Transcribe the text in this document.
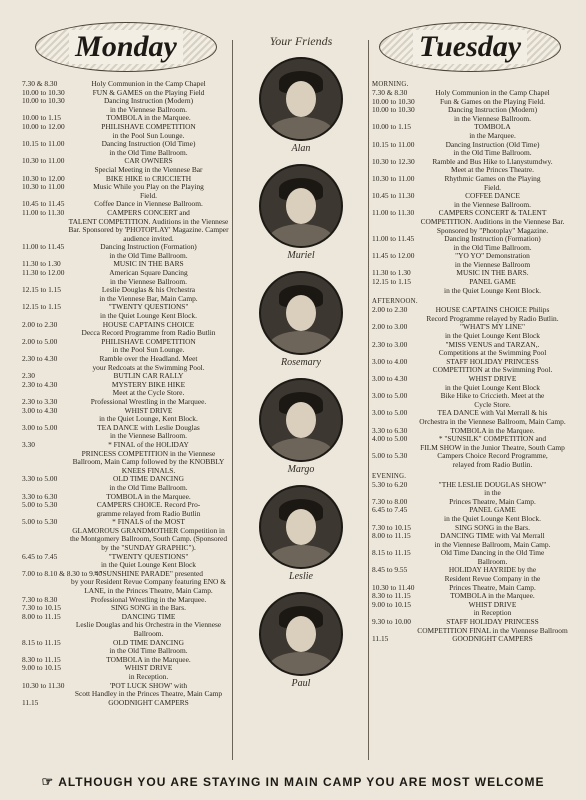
Monday
7.30 & 8.30	Holy Communion in the Camp Chapel
10.00 to 10.30	FUN & GAMES on the Playing Field
10.00 to 10.30	Dancing Instruction (Modern)
in the Viennese Ballroom.
10.00 to 1.15	TOMBOLA in the Marquee.
10.00 to 12.00	PHILISHAVE COMPETITION
in the Pool Sun Lounge.
10.15 to 11.00	Dancing Instruction (Old Time)
in the Old Time Ballroom.
10.30 to 11.00	CAR OWNERS
Special Meeting in the Viennese Bar
10.30 to 12.00	BIKE HIKE to CRICCIETH
10.30 to 11.00	Music While you Play on the Playing
Field.
10.45 to 11.45	Coffee Dance in Viennese Ballroom.
11.00 to 11.30	CAMPERS CONCERT and
TALENT COMPETITION. Auditions in the Viennese Bar. Sponsored by 'PHOTOPLAY' Magazine. Camper audience invited.
11.00 to 11.45	Dancing Instruction (Formation)
in the Old Time Ballroom.
11.30 to 1.30	MUSIC IN THE BARS
11.30 to 12.00	American Square Dancing
in the Viennese Ballroom.
12.15 to 1.15	Leslie Douglas & his Orchestra
in the Viennese Bar, Main Camp.
12.15 to 1.15	"TWENTY QUESTIONS"
in the Quiet Lounge Kent Block.
2.00 to 2.30	HOUSE CAPTAINS CHOICE
Decca Record Programme from Radio Butlin
2.00 to 5.00	PHILISHAVE COMPETITION
in the Pool Sun Lounge.
2.30 to 4.30	Ramble over the Headland. Meet
your Redcoats at the Swimming Pool.
2.30	BUTLIN CAR RALLY
2.30 to 4.30	MYSTERY BIKE HIKE
Meet at the Cycle Store.
2.30 to 3.30	Professional Wrestling in the Marquee.
3.00 to 4.30	WHIST DRIVE
in the Quiet Lounge, Kent Block.
3.00 to 5.00	TEA DANCE with Leslie Douglas
in the Viennese Ballroom.
3.30	* FINAL of the HOLIDAY
PRINCESS COMPETITION in the Viennese Ballroom, Main Camp followed by the KNOBBLY KNEES FINALS.
3.30 to 5.00	OLD TIME DANCING
in the Old Time Ballroom.
3.30 to 6.30	TOMBOLA in the Marquee.
5.00 to 5.30	CAMPERS CHOICE. Record Pro-
gramme relayed from Radio Butlin
5.00 to 5.30	* FINALS of the MOST
GLAMOROUS GRANDMOTHER Competition in the Montgomery Ballroom, South Camp. (Sponsored by the "SUNDAY GRAPHIC").
6.45 to 7.45	"TWENTY QUESTIONS"
in the Quiet Lounge Kent Block
7.00 to 8.10 & 8.30 to 9.40
* "SUNSHINE PARADE" presented
by your Resident Revue Company featuring ENO & LANE, in the Princes Theatre, Main Camp.
7.30 to 8.30	Professional Wrestling in the Marquee.
7.30 to 10.15	SING SONG in the Bars.
8.00 to 11.15	DANCING TIME
Leslie Douglas and his Orchestra in the Viennese Ballroom.
8.15 to 11.15	OLD TIME DANCING
in the Old Time Ballroom.
8.30 to 11.15	TOMBOLA in the Marquee.
9.00 to 10.15	WHIST DRIVE
in Reception.
10.30 to 11.30	'POT LUCK SHOW' with
Scott Handley in the Princes Theatre, Main Camp
11.15	GOODNIGHT CAMPERS
Your Friends
Alan
Muriel
Rosemary
Margo
Leslie
Paul
Tuesday
MORNING.
7.30 & 8.30	Holy Communion in the Camp Chapel
10.00 to 10.30	Fun & Games on the Playing Field.
10.00 to 10.30	Dancing Instruction (Modern)
in the Viennese Ballroom.
10.00 to 1.15	TOMBOLA
in the Marquee.
10.15 to 11.00	Dancing Instruction (Old Time)
in the Old Time Ballroom.
10.30 to 12.30	Ramble and Bus Hike to Llanystumdwy.
Meet at the Princes Theatre.
10.30 to 11.00	Rhythmic Games on the Playing
Field.
10.45 to 11.30	COFFEE DANCE
in the Viennese Ballroom.
11.00 to 11.30	CAMPERS CONCERT & TALENT
COMPETITION. Auditions in the Viennese Bar. Sponsored by "Photoplay" Magazine.
11.00 to 11.45	Dancing Instruction (Formation)
in the Old Time Ballroom.
11.45 to 12.00	"YO YO" Demonstration
in the Viennese Ballroom
11.30 to 1.30	MUSIC IN THE BARS.
12.15 to 1.15	PANEL GAME
in the Quiet Lounge Kent Block.
AFTERNOON.
2.00 to 2.30	HOUSE CAPTAINS CHOICE Philips
Record Programme relayed by Radio Butlin.
2.00 to 3.00	"WHAT'S MY LINE"
in the Quiet Lounge Kent Block
2.30 to 3.00	"MISS VENUS and TARZAN,.
Competitions at the Swimming Pool
3.00 to 4.00	STAFF HOLIDAY PRINCESS
COMPETITION at the Swimming Pool.
3.00 to 4.30	WHIST DRIVE
in the Quiet Lounge Kent Block
3.00 to 5.00	Bike Hike to Criccieth. Meet at the
Cycle Store.
3.00 to 5.00	TEA DANCE with Val Merrall & his
Orchestra in the Viennese Ballroom, Main Camp.
3.30 to 6.30	TOMBOLA in the Marquee.
4.00 to 5.00	* "SUNSILK" COMPETITION and
FILM SHOW in the Junior Theatre, South Camp
5.00 to 5.30	Campers Choice Record Programme,
relayed from Radio Butlin.
EVENING.
5.30 to 6.20	"THE LESLIE DOUGLAS SHOW"
in the
7.30 to 8.00	Princes Theatre, Main Camp.
6.45 to 7.45	PANEL GAME
in the Quiet Lounge Kent Block.
7.30 to 10.15	SING SONG in the Bars.
8.00 to 11.15	DANCING TIME with Val Merrall
in the Viennese Ballroom, Main Camp.
8.15 to 11.15	Old Time Dancing in the Old Time
Ballroom.
8.45 to 9.55	HOLIDAY HAYRIDE by the
Resident Revue Company in the
10.30 to 11.40	Princes Theatre, Main Camp.
8.30 to 11.15	TOMBOLA in the Marquee.
9.00 to 10.15	WHIST DRIVE
in Reception
9.30 to 10.00	STAFF HOLIDAY PRINCESS
COMPETITION FINAL in the Viennese Ballroom
11.15	GOODNIGHT CAMPERS
☞ ALTHOUGH YOU ARE STAYING IN MAIN CAMP YOU ARE MOST WELCOME
